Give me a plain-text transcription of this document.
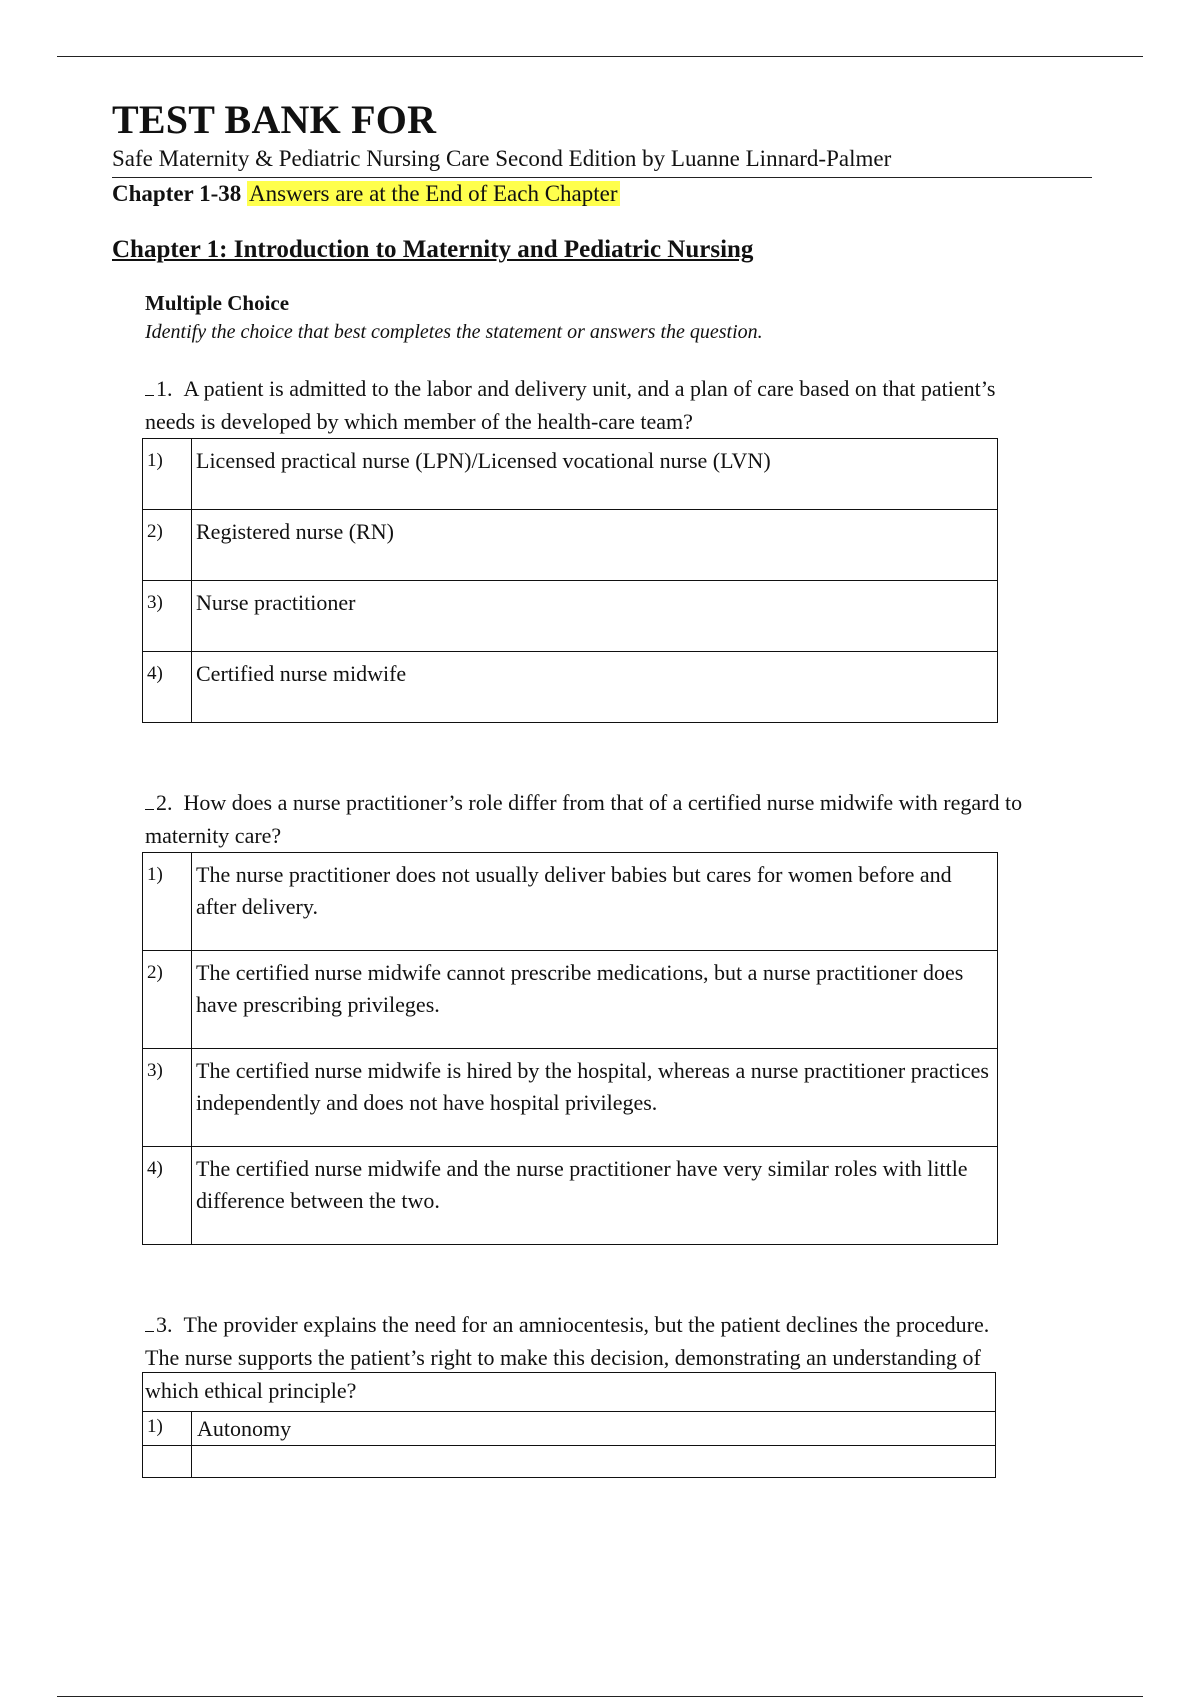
TEST BANK FOR
Safe Maternity & Pediatric Nursing Care Second Edition by Luanne Linnard-Palmer
Chapter 1-38 Answers are at the End of Each Chapter
Chapter 1: Introduction to Maternity and Pediatric Nursing
Multiple Choice
Identify the choice that best completes the statement or answers the question.
1. A patient is admitted to the labor and delivery unit, and a plan of care based on that patient’s needs is developed by which member of the health-care team?
1)	Licensed practical nurse (LPN)/Licensed vocational nurse (LVN)
2)	Registered nurse (RN)
3)	Nurse practitioner
4)	Certified nurse midwife
2. How does a nurse practitioner’s role differ from that of a certified nurse midwife with regard to maternity care?
1)	The nurse practitioner does not usually deliver babies but cares for women before and after delivery.
2)	The certified nurse midwife cannot prescribe medications, but a nurse practitioner does have prescribing privileges.
3)	The certified nurse midwife is hired by the hospital, whereas a nurse practitioner practices independently and does not have hospital privileges.
4)	The certified nurse midwife and the nurse practitioner have very similar roles with little difference between the two.
3. The provider explains the need for an amniocentesis, but the patient declines the procedure. The nurse supports the patient’s right to make this decision, demonstrating an understanding of which ethical principle?
1) Autonomy
